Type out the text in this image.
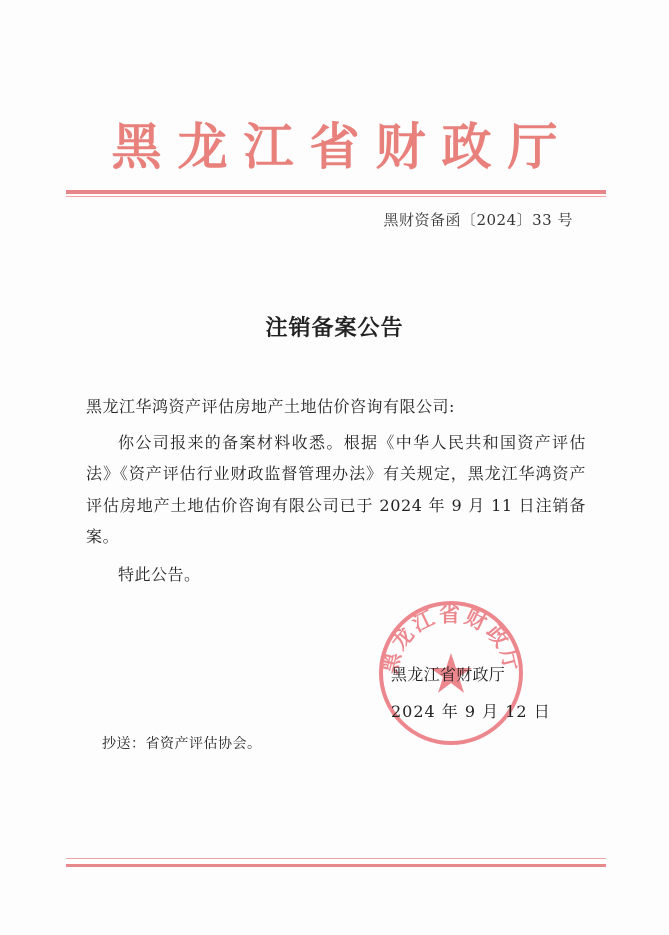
黑龙江省财政厅
黑财资备函〔2024〕33 号
注销备案公告
黑龙江华鸿资产评估房地产土地估价咨询有限公司:
你公司报来的备案材料收悉。根据《中华人民共和国资产评估法》《资产评估行业财政监督管理办法》有关规定，黑龙江华鸿资产评估房地产土地估价咨询有限公司已于 2024 年 9 月 11 日注销备案。
特此公告。
黑龙江省财政厅
黑龙江省财政厅
2024 年 9 月 12 日
抄送：省资产评估协会。
